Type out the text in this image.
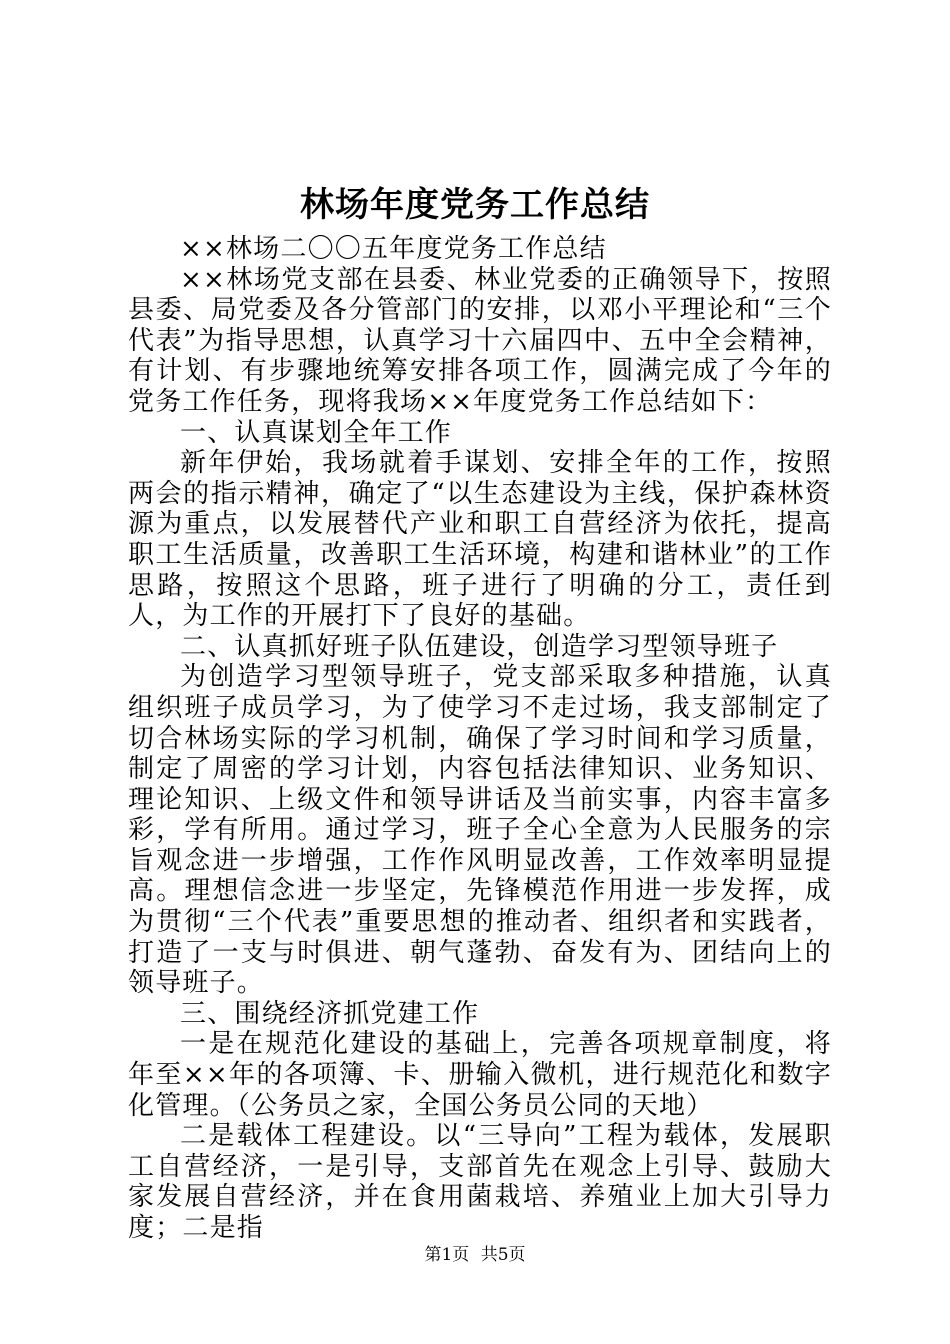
林场年度党务工作总结

××林场二〇〇五年度党务工作总结

××林场党支部在县委、林业党委的正确领导下，按照县委、局党委及各分管部门的安排，以邓小平理论和“三个代表”为指导思想，认真学习十六届四中、五中全会精神，有计划、有步骤地统筹安排各项工作，圆满完成了今年的党务工作任务，现将我场××年度党务工作总结如下：

一、认真谋划全年工作

新年伊始，我场就着手谋划、安排全年的工作，按照两会的指示精神，确定了“以生态建设为主线，保护森林资源为重点，以发展替代产业和职工自营经济为依托，提高职工生活质量，改善职工生活环境，构建和谐林业”的工作思路，按照这个思路，班子进行了明确的分工，责任到人，为工作的开展打下了良好的基础。

二、认真抓好班子队伍建设，创造学习型领导班子

为创造学习型领导班子，党支部采取多种措施，认真组织班子成员学习，为了使学习不走过场，我支部制定了切合林场实际的学习机制，确保了学习时间和学习质量，制定了周密的学习计划，内容包括法律知识、业务知识、理论知识、上级文件和领导讲话及当前实事，内容丰富多彩，学有所用。通过学习，班子全心全意为人民服务的宗旨观念进一步增强，工作作风明显改善，工作效率明显提高。理想信念进一步坚定，先锋模范作用进一步发挥，成为贯彻“三个代表”重要思想的推动者、组织者和实践者，打造了一支与时俱进、朝气蓬勃、奋发有为、团结向上的领导班子。

三、围绕经济抓党建工作

一是在规范化建设的基础上，完善各项规章制度，将年至××年的各项簿、卡、册输入微机，进行规范化和数字化管理。（公务员之家，全国公务员公同的天地）

二是载体工程建设。以“三导向”工程为载体，发展职工自营经济，一是引导，支部首先在观念上引导、鼓励大家发展自营经济，并在食用菌栽培、养殖业上加大引导力度；二是指

第1页 共5页
